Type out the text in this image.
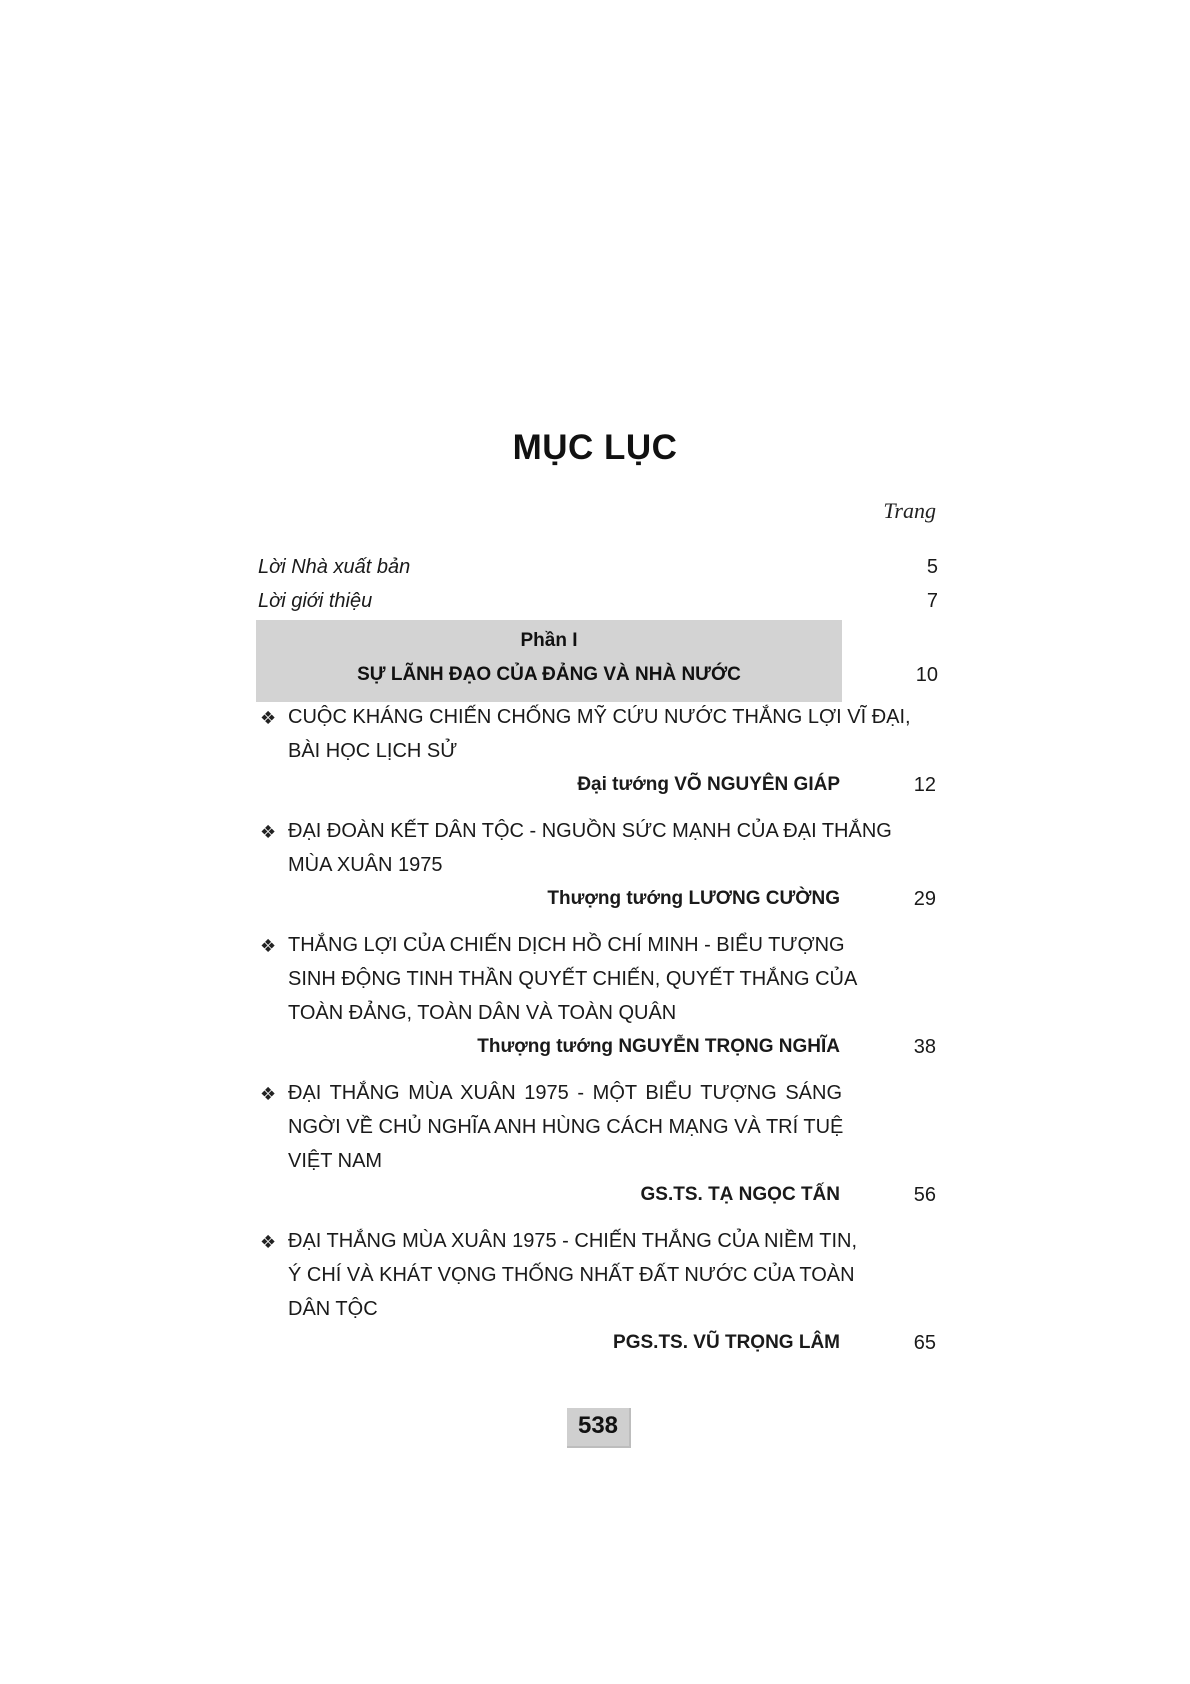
MỤC LỤC
Trang
Lời Nhà xuất bản	5
Lời giới thiệu	7
Phần I
SỰ LÃNH ĐẠO CỦA ĐẢNG VÀ NHÀ NƯỚC	10
❖ CUỘC KHÁNG CHIẾN CHỐNG MỸ CỨU NƯỚC THẮNG LỢI VĨ ĐẠI,
BÀI HỌC LỊCH SỬ
Đại tướng VÕ NGUYÊN GIÁP	12
❖ ĐẠI ĐOÀN KẾT DÂN TỘC - NGUỒN SỨC MẠNH CỦA ĐẠI THẮNG
MÙA XUÂN 1975
Thượng tướng LƯƠNG CƯỜNG	29
❖ THẮNG LỢI CỦA CHIẾN DỊCH HỒ CHÍ MINH - BIỂU TƯỢNG
SINH ĐỘNG TINH THẦN QUYẾT CHIẾN, QUYẾT THẮNG CỦA
TOÀN ĐẢNG, TOÀN DÂN VÀ TOÀN QUÂN
Thượng tướng NGUYỄN TRỌNG NGHĨA	38
❖ ĐẠI THẮNG MÙA XUÂN 1975 - MỘT BIỂU TƯỢNG SÁNG
NGỜI VỀ CHỦ NGHĨA ANH HÙNG CÁCH MẠNG VÀ TRÍ TUỆ
VIỆT NAM
GS.TS. TẠ NGỌC TẤN	56
❖ ĐẠI THẮNG MÙA XUÂN 1975 - CHIẾN THẮNG CỦA NIỀM TIN,
Ý CHÍ VÀ KHÁT VỌNG THỐNG NHẤT ĐẤT NƯỚC CỦA TOÀN
DÂN TỘC
PGS.TS. VŨ TRỌNG LÂM	65
538
